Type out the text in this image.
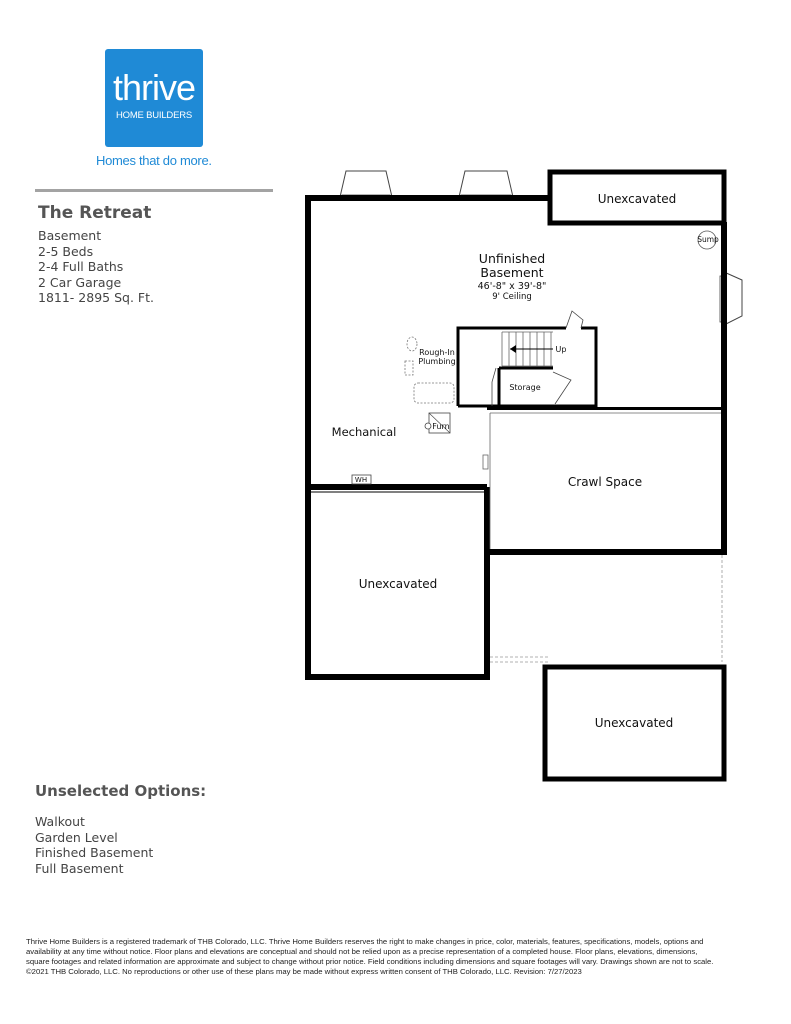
thrive
HOME BUILDERS
Homes that do more.
The Retreat
Basement
2-5 Beds
2-4 Full Baths
2 Car Garage
1811- 2895 Sq. Ft.
Unexcavated
Sump
Unfinished
Basement
46'-8" x 39'-8"
9' Ceiling
Rough-In
Plumbing
Up
Storage
Furn
Mechanical
WH	Crawl Space
Unexcavated
Unexcavated
Unselected Options:
Walkout
Garden Level
Finished Basement
Full Basement
Thrive Home Builders is a registered trademark of THB Colorado, LLC. Thrive Home Builders reserves the right to make changes in price, color, materials, features, specifications, models, options and availability at any time without notice. Floor plans and elevations are conceptual and should not be relied upon as a precise representation of a completed house. Floor plans, elevations, dimensions, square footages and related information are approximate and subject to change without prior notice. Field conditions including dimensions and square footages will vary. Drawings shown are not to scale. ©2021 THB Colorado, LLC. No reproductions or other use of these plans may be made without express written consent of THB Colorado, LLC. Revision: 7/27/2023
